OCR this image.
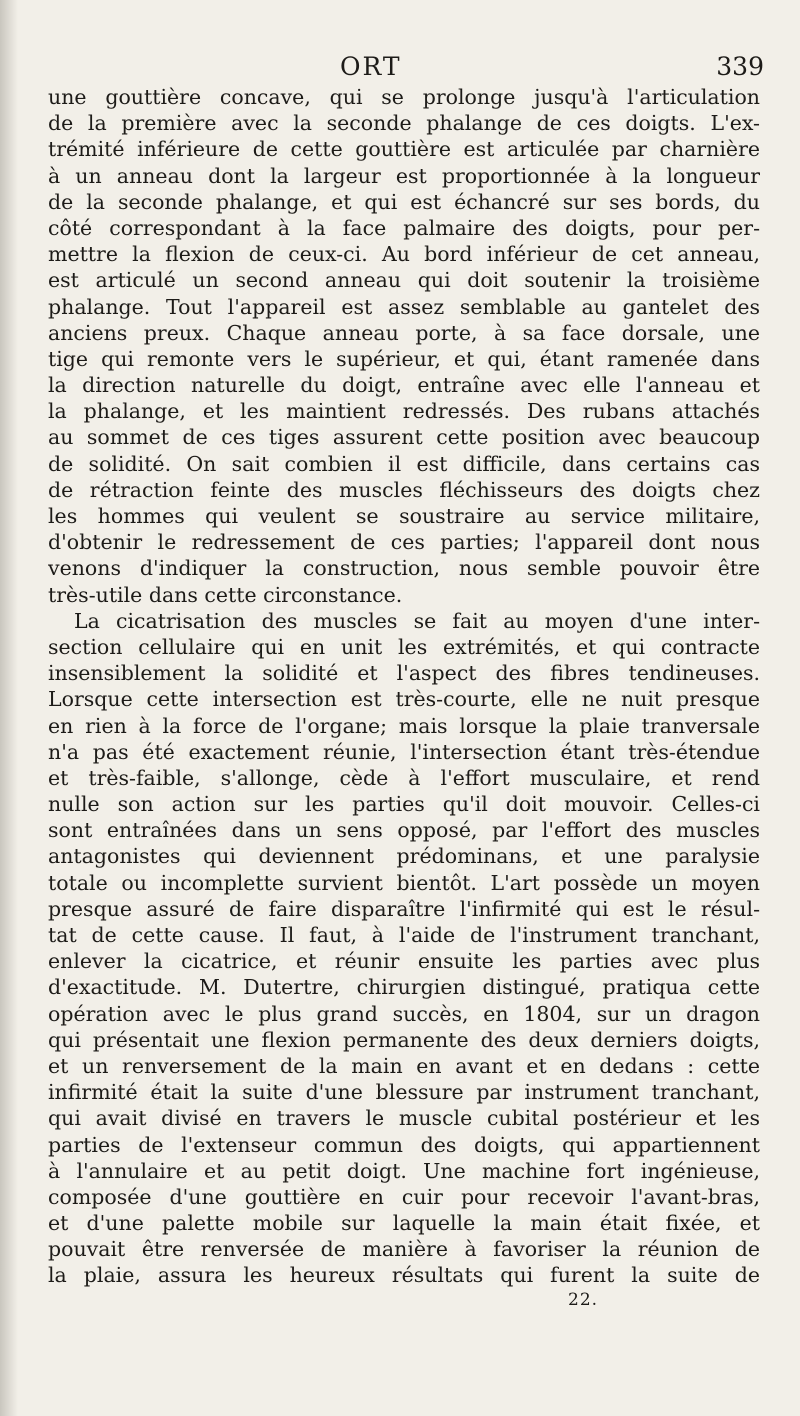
ORT	339
une gouttière concave, qui se prolonge jusqu'à l'articulation
de la première avec la seconde phalange de ces doigts. L'ex-
trémité inférieure de cette gouttière est articulée par charnière
à un anneau dont la largeur est proportionnée à la longueur
de la seconde phalange, et qui est échancré sur ses bords, du
côté correspondant à la face palmaire des doigts, pour per-
mettre la flexion de ceux-ci. Au bord inférieur de cet anneau,
est articulé un second anneau qui doit soutenir la troisième
phalange. Tout l'appareil est assez semblable au gantelet des
anciens preux. Chaque anneau porte, à sa face dorsale, une
tige qui remonte vers le supérieur, et qui, étant ramenée dans
la direction naturelle du doigt, entraîne avec elle l'anneau et
la phalange, et les maintient redressés. Des rubans attachés
au sommet de ces tiges assurent cette position avec beaucoup
de solidité. On sait combien il est difficile, dans certains cas
de rétraction feinte des muscles fléchisseurs des doigts chez
les hommes qui veulent se soustraire au service militaire,
d'obtenir le redressement de ces parties; l'appareil dont nous
venons d'indiquer la construction, nous semble pouvoir être
très-utile dans cette circonstance.
La cicatrisation des muscles se fait au moyen d'une inter-
section cellulaire qui en unit les extrémités, et qui contracte
insensiblement la solidité et l'aspect des fibres tendineuses.
Lorsque cette intersection est très-courte, elle ne nuit presque
en rien à la force de l'organe; mais lorsque la plaie tranversale
n'a pas été exactement réunie, l'intersection étant très-étendue
et très-faible, s'allonge, cède à l'effort musculaire, et rend
nulle son action sur les parties qu'il doit mouvoir. Celles-ci
sont entraînées dans un sens opposé, par l'effort des muscles
antagonistes qui deviennent prédominans, et une paralysie
totale ou incomplette survient bientôt. L'art possède un moyen
presque assuré de faire disparaître l'infirmité qui est le résul-
tat de cette cause. Il faut, à l'aide de l'instrument tranchant,
enlever la cicatrice, et réunir ensuite les parties avec plus
d'exactitude. M. Dutertre, chirurgien distingué, pratiqua cette
opération avec le plus grand succès, en 1804, sur un dragon
qui présentait une flexion permanente des deux derniers doigts,
et un renversement de la main en avant et en dedans : cette
infirmité était la suite d'une blessure par instrument tranchant,
qui avait divisé en travers le muscle cubital postérieur et les
parties de l'extenseur commun des doigts, qui appartiennent
à l'annulaire et au petit doigt. Une machine fort ingénieuse,
composée d'une gouttière en cuir pour recevoir l'avant-bras,
et d'une palette mobile sur laquelle la main était fixée, et
pouvait être renversée de manière à favoriser la réunion de
la plaie, assura les heureux résultats qui furent la suite de
22.
